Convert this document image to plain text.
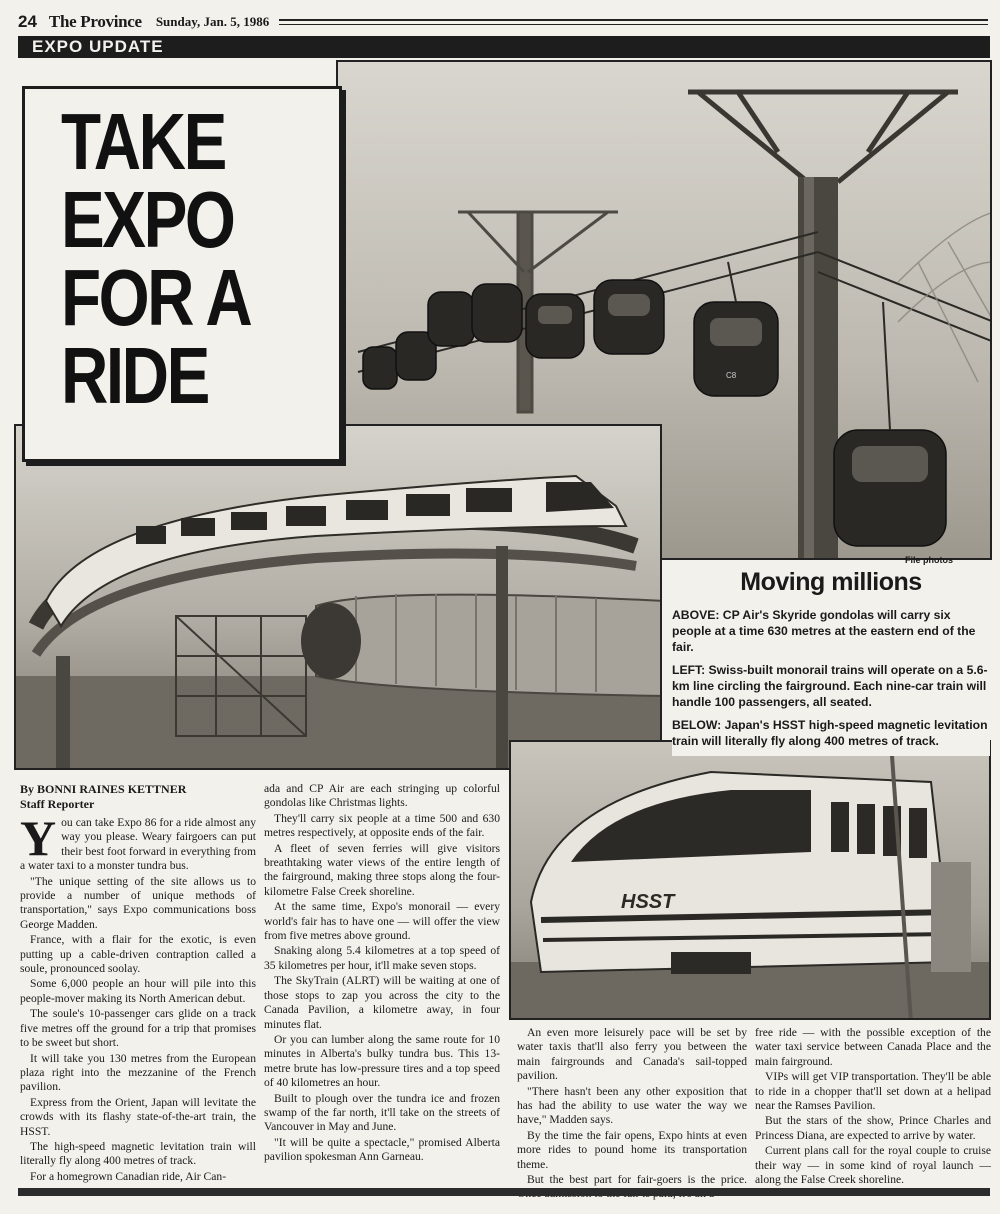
24 The Province Sunday, Jan. 5, 1986
EXPO UPDATE
C8
TAKE
EXPO
FOR A
RIDE
File photos
Moving millions

ABOVE: CP Air's Skyride gondolas will carry six people at a time 630 metres at the eastern end of the fair.

LEFT: Swiss-built monorail trains will operate on a 5.6-km line circling the fairground. Each nine-car train will handle 100 passengers, all seated.

BELOW: Japan's HSST high-speed magnetic levitation train will literally fly along 400 metres of track.

HSST
By BONNI RAINES KETTNER
Staff Reporter

You can take Expo 86 for a ride almost any way you please. Weary fairgoers can put their best foot forward in everything from a water taxi to a monster tundra bus.

"The unique setting of the site allows us to provide a number of unique methods of transportation," says Expo communications boss George Madden.

France, with a flair for the exotic, is even putting up a cable-driven contraption called a soule, pronounced soolay.

Some 6,000 people an hour will pile into this people-mover making its North American debut.

The soule's 10-passenger cars glide on a track five metres off the ground for a trip that promises to be sweet but short.

It will take you 130 metres from the European plaza right into the mezzanine of the French pavilion.

Express from the Orient, Japan will levitate the crowds with its flashy state-of-the-art train, the HSST.

The high-speed magnetic levitation train will literally fly along 400 metres of track.

For a homegrown Canadian ride, Air Can-

ada and CP Air are each stringing up colorful gondolas like Christmas lights.

They'll carry six people at a time 500 and 630 metres respectively, at opposite ends of the fair.

A fleet of seven ferries will give visitors breathtaking water views of the entire length of the fairground, making three stops along the four-kilometre False Creek shoreline.

At the same time, Expo's monorail — every world's fair has to have one — will offer the view from five metres above ground.

Snaking along 5.4 kilometres at a top speed of 35 kilometres per hour, it'll make seven stops.

The SkyTrain (ALRT) will be waiting at one of those stops to zap you across the city to the Canada Pavilion, a kilometre away, in four minutes flat.

Or you can lumber along the same route for 10 minutes in Alberta's bulky tundra bus. This 13-metre brute has low-pressure tires and a top speed of 40 kilometres an hour.

Built to plough over the tundra ice and frozen swamp of the far north, it'll take on the streets of Vancouver in May and June.

"It will be quite a spectacle," promised Alberta pavilion spokesman Ann Garneau.

An even more leisurely pace will be set by water taxis that'll also ferry you between the main fairgrounds and Canada's sail-topped pavilion.

"There hasn't been any other exposition that has had the ability to use water the way we have," Madden says.

By the time the fair opens, Expo hints at even more rides to pound home its transportation theme.

But the best part for fair-goers is the price.

free ride — with the possible exception of the water taxi service between Canada Place and the main fairground.

VIPs will get VIP transportation. They'll be able to ride in a chopper that'll set down at a helipad near the Ramses Pavilion.

But the stars of the show, Prince Charles and Princess Diana, are expected to arrive by water.

Current plans call for the royal couple to cruise their way — in some kind of royal launch — along the False Creek shoreline.
